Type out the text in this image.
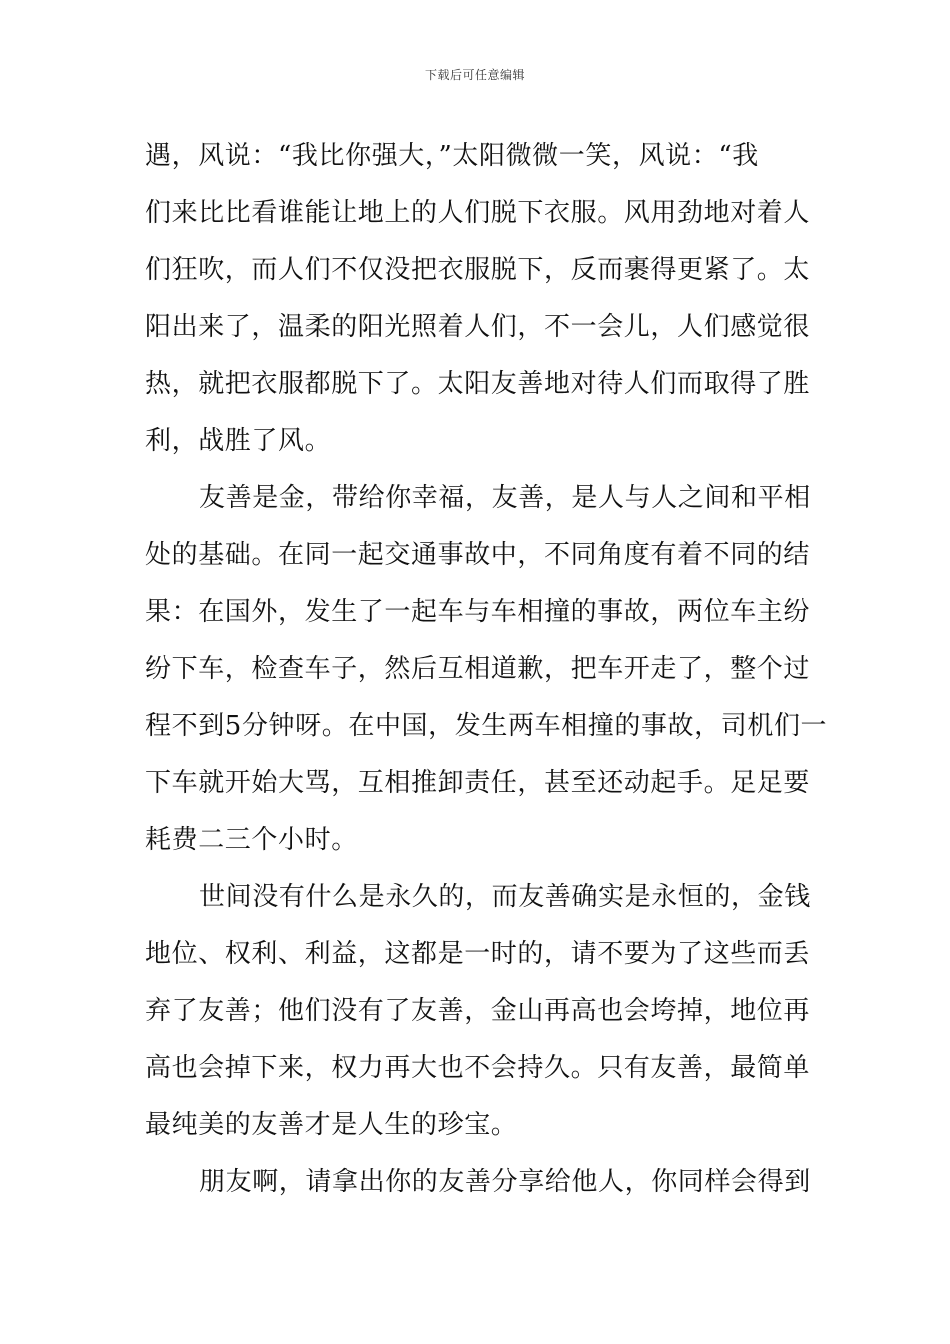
下载后可任意编辑
遇，风说：“我比你强大，”太阳微微一笑，风说：“我
们来比比看谁能让地上的人们脱下衣服。风用劲地对着人
们狂吹，而人们不仅没把衣服脱下，反而裹得更紧了。太
阳出来了，温柔的阳光照着人们，不一会儿，人们感觉很
热，就把衣服都脱下了。太阳友善地对待人们而取得了胜
利，战胜了风。
友善是金，带给你幸福，友善，是人与人之间和平相
处的基础。在同一起交通事故中，不同角度有着不同的结
果：在国外，发生了一起车与车相撞的事故，两位车主纷
纷下车，检查车子，然后互相道歉，把车开走了，整个过
程不到5分钟呀。在中国，发生两车相撞的事故，司机们一
下车就开始大骂，互相推卸责任，甚至还动起手。足足要
耗费二三个小时。
世间没有什么是永久的，而友善确实是永恒的，金钱
地位、权利、利益，这都是一时的，请不要为了这些而丢
弃了友善；他们没有了友善，金山再高也会垮掉，地位再
高也会掉下来，权力再大也不会持久。只有友善，最简单
最纯美的友善才是人生的珍宝。
朋友啊，请拿出你的友善分享给他人，你同样会得到
